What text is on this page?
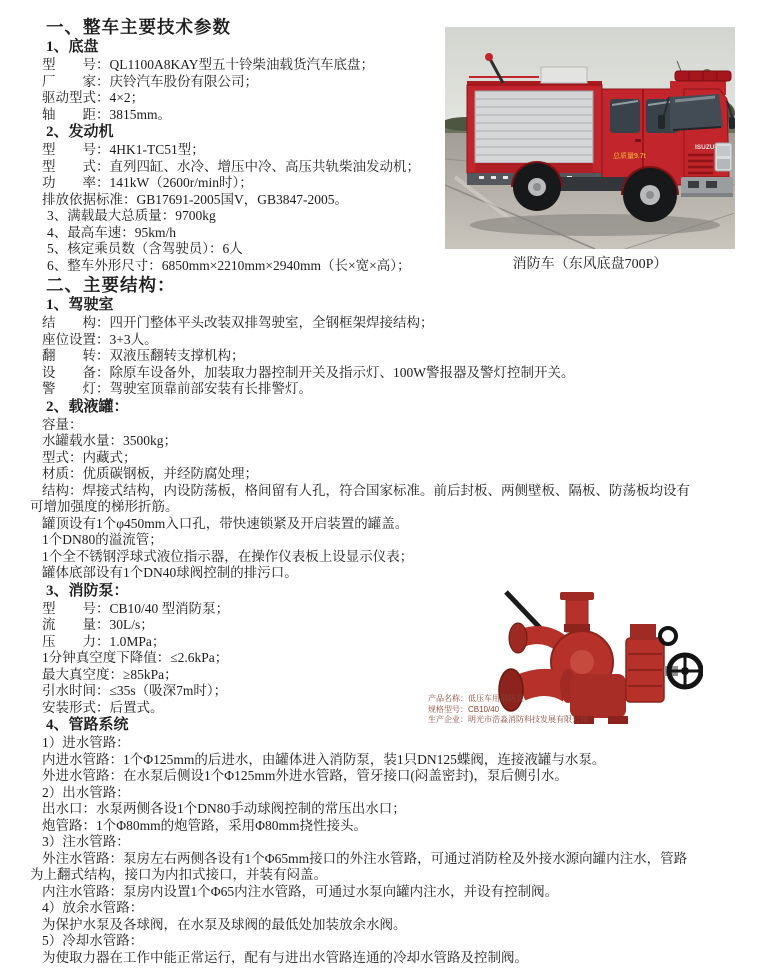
一、整车主要技术参数
1、底盘

型　　号：QL1100A8KAY型五十铃柴油载货汽车底盘；

厂　　家：庆铃汽车股份有限公司；

驱动型式：4×2；

轴　　距：3815mm。

2、发动机

型　　号：4HK1-TC51型；

型　　式：直列四缸、水冷、增压中冷、高压共轨柴油发动机；

功　　率：141kW（2600r/min时）；

排放依据标准：GB17691-2005国V，GB3847-2005。

3、满载最大总质量：9700kg

4、最高车速：95km/h

5、核定乘员数（含驾驶员）：6人

6、整车外形尺寸：6850mm×2210mm×2940mm（长×宽×高）；

二、主要结构：
1、驾驶室

结　　构：四开门整体平头改装双排驾驶室，全钢框架焊接结构；

座位设置：3+3人。

翻　　转：双液压翻转支撑机构；

设　　备：除原车设备外，加装取力器控制开关及指示灯、100W警报器及警灯控制开关。

警　　灯：驾驶室顶靠前部安装有长排警灯。

2、载液罐：

容量：

水罐载水量：3500kg；

型式：内藏式；

材质：优质碳钢板，并经防腐处理；

结构：焊接式结构，内设防荡板，格间留有人孔，符合国家标准。前后封板、两侧壁板、隔板、防荡板均设有可增加强度的梯形折筋。

罐顶设有1个φ450mm入口孔，带快速锁紧及开启装置的罐盖。

1个DN80的溢流管；

1个全不锈钢浮球式液位指示器，在操作仪表板上设显示仪表；

罐体底部设有1个DN40球阀控制的排污口。

3、消防泵：

型　　号：CB10/40 型消防泵；

流　　量：30L/s；

压　　力：1.0MPa；

1分钟真空度下降值：≤2.6kPa；

最大真空度：≥85kPa；

引水时间：≤35s（吸深7m时）；

安装形式：后置式。

4、管路系统

1）进水管路：

内进水管路：1个Φ125mm的后进水，由罐体进入消防泵，装1只DN125蝶阀，连接液罐与水泵。

外进水管路：在水泵后侧设1个Φ125mm外进水管路，管牙接口(闷盖密封)，泵后侧引水。

2）出水管路：

出水口：水泵两侧各设1个DN80手动球阀控制的常压出水口；

炮管路：1个Φ80mm的炮管路，采用Φ80mm挠性接头。

3）注水管路：

外注水管路：泵房左右两侧各设有1个Φ65mm接口的外注水管路，可通过消防栓及外接水源向罐内注水，管路为上翻式结构，接口为内扣式接口，并装有闷盖。

内注水管路：泵房内设置1个Φ65内注水管路，可通过水泵向罐内注水，并设有控制阀。

4）放余水管路：

为保护水泵及各球阀，在水泵及球阀的最低处加装放余水阀。

5）冷却水管路：

为使取力器在工作中能正常运行，配有与进出水管路连通的冷却水管路及控制阀。

总质量9.7t
ISUZU
消防车（东风底盘700P）
产品名称：低压车用消防泵
规格型号：CB10/40
生产企业：明光市浩淼消防科技发展有限公司
